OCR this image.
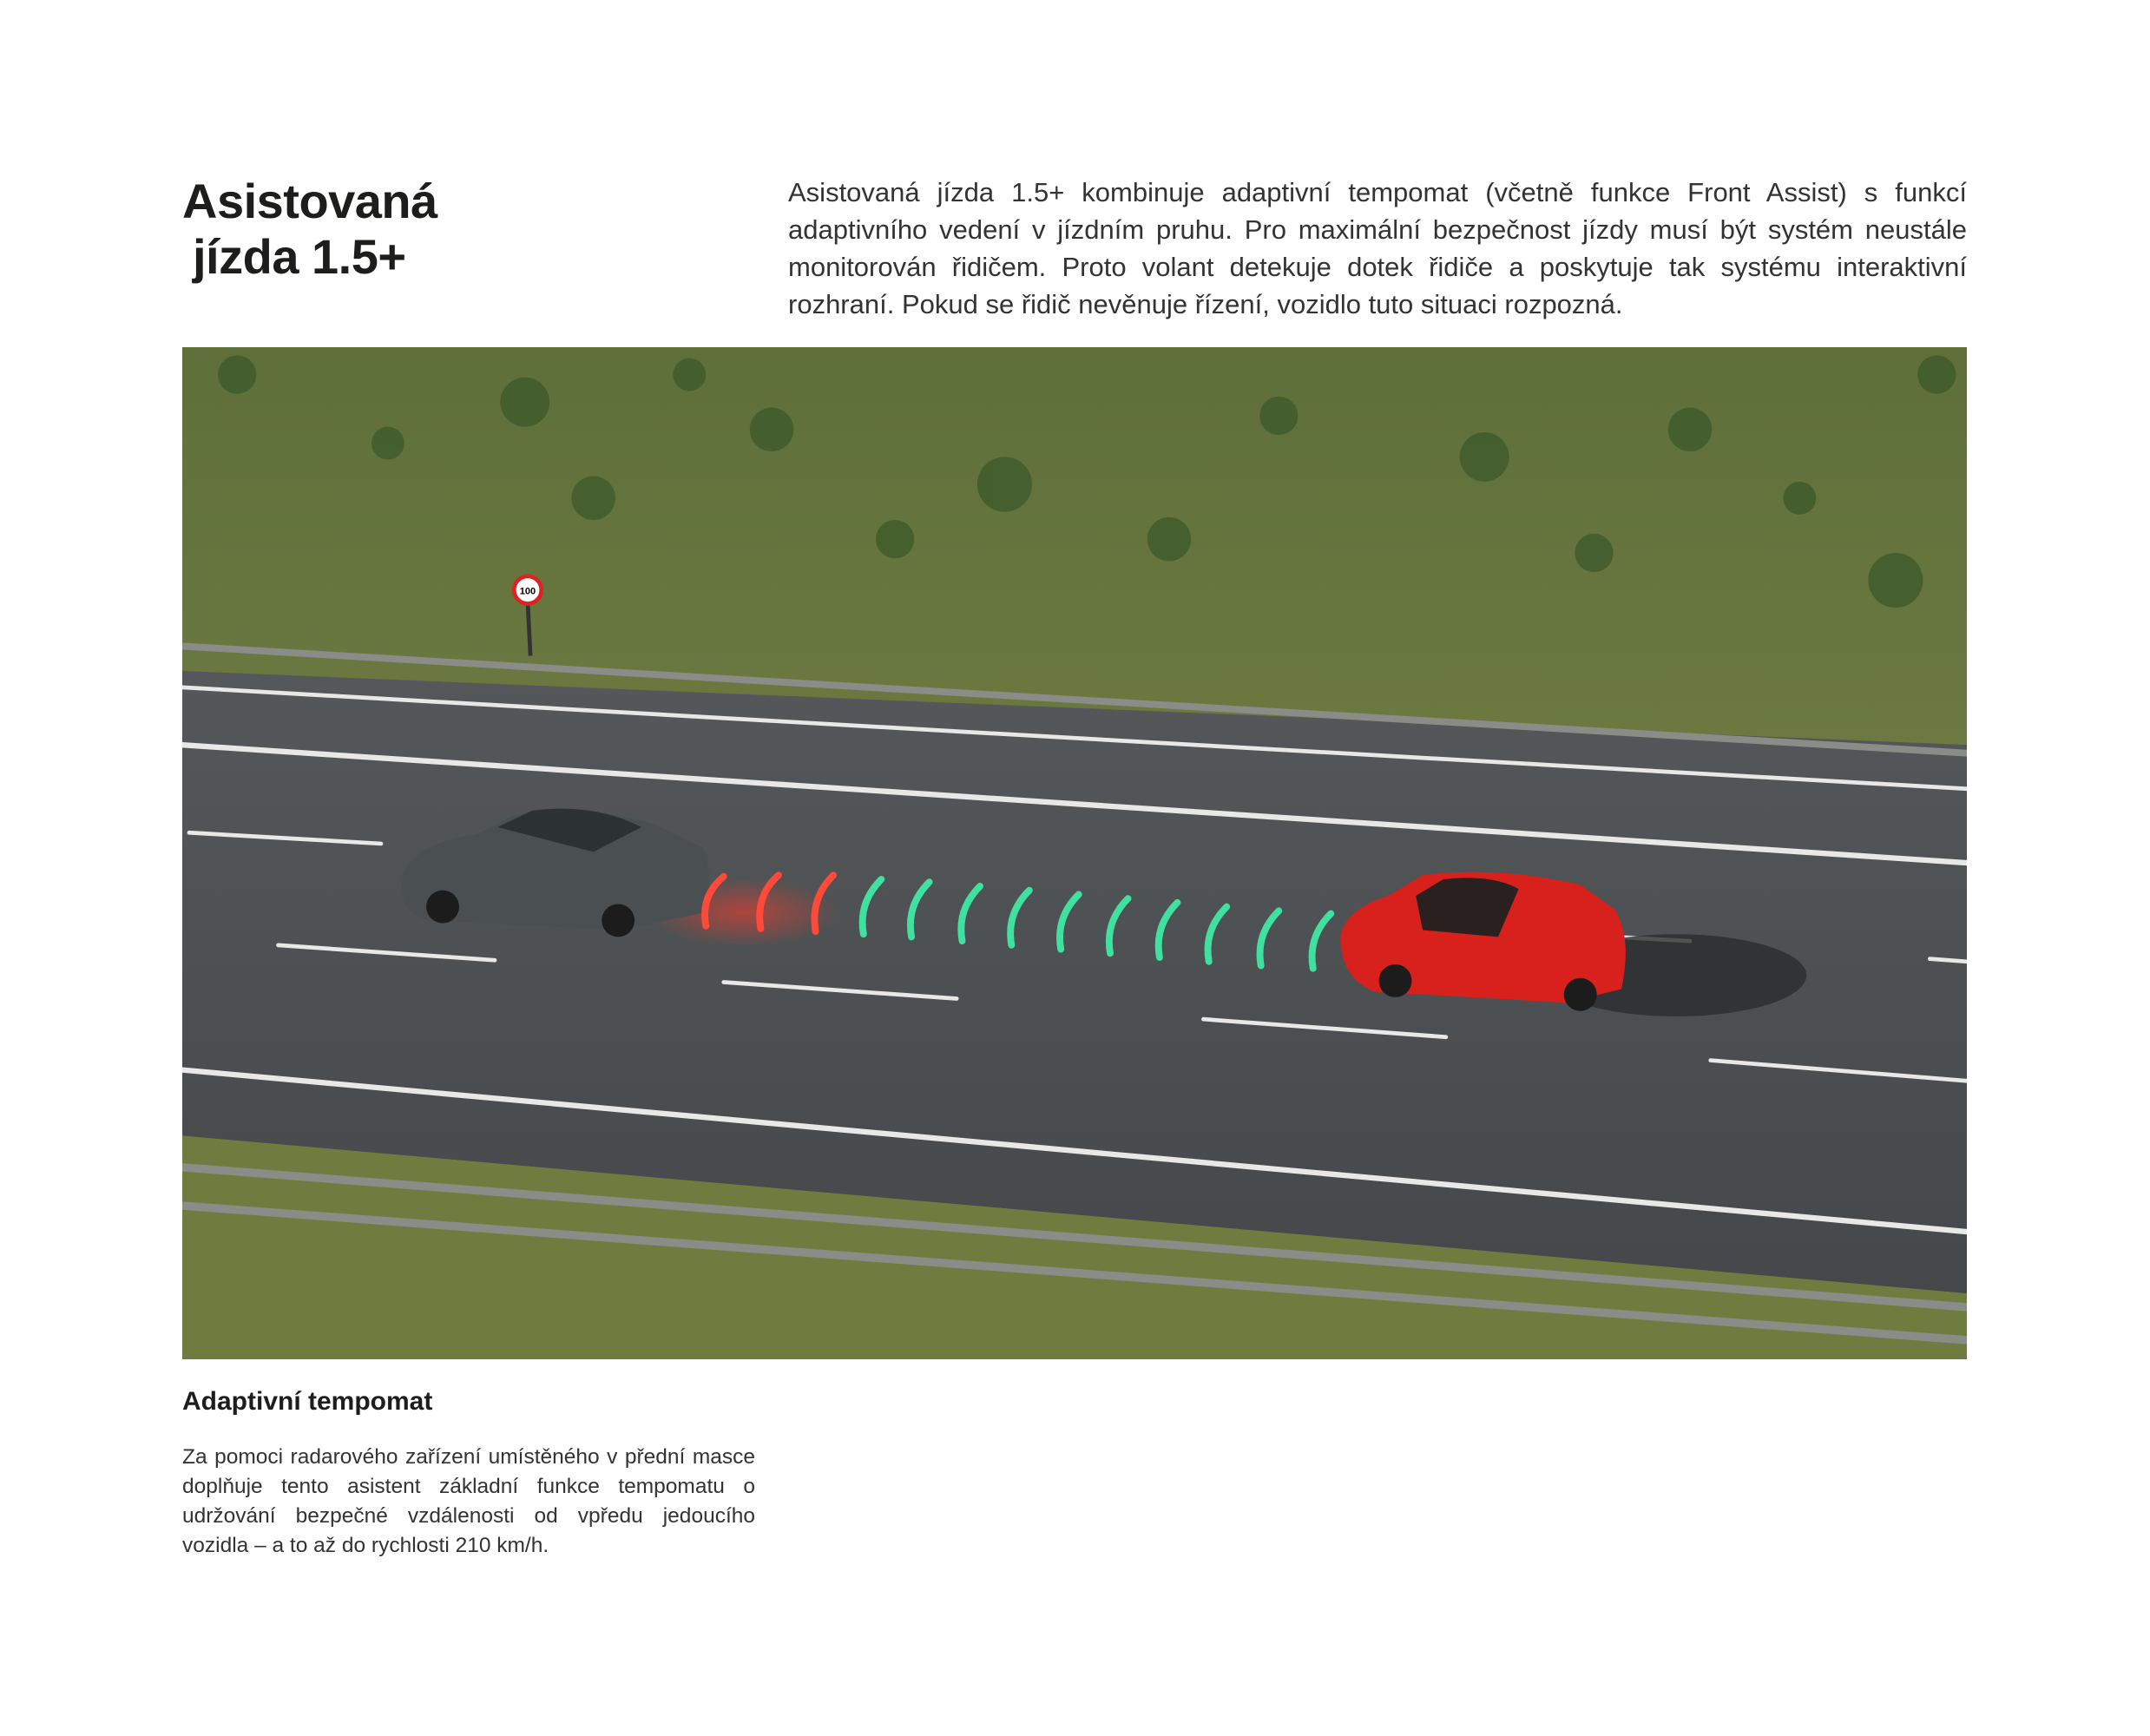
Asistovaná
jízda 1.5+

Asistovaná jízda 1.5+ kombinuje adaptivní tempomat (včetně funkce Front Assist) s funkcí adaptivního vedení v jízdním pruhu. Pro maximální bezpečnost jízdy musí být systém neustále monitorován řidičem. Proto volant detekuje dotek řidiče a poskytuje tak systému interaktivní rozhraní. Pokud se řidič nevěnuje řízení, vozidlo tuto situaci rozpozná.

100
Adaptivní tempomat

Za pomoci radarového zařízení umístěného v přední masce doplňuje tento asistent základní funkce tempomatu o udržování bezpečné vzdálenosti od vpředu jedoucího vozidla – a to až do rychlosti 210 km/h.
